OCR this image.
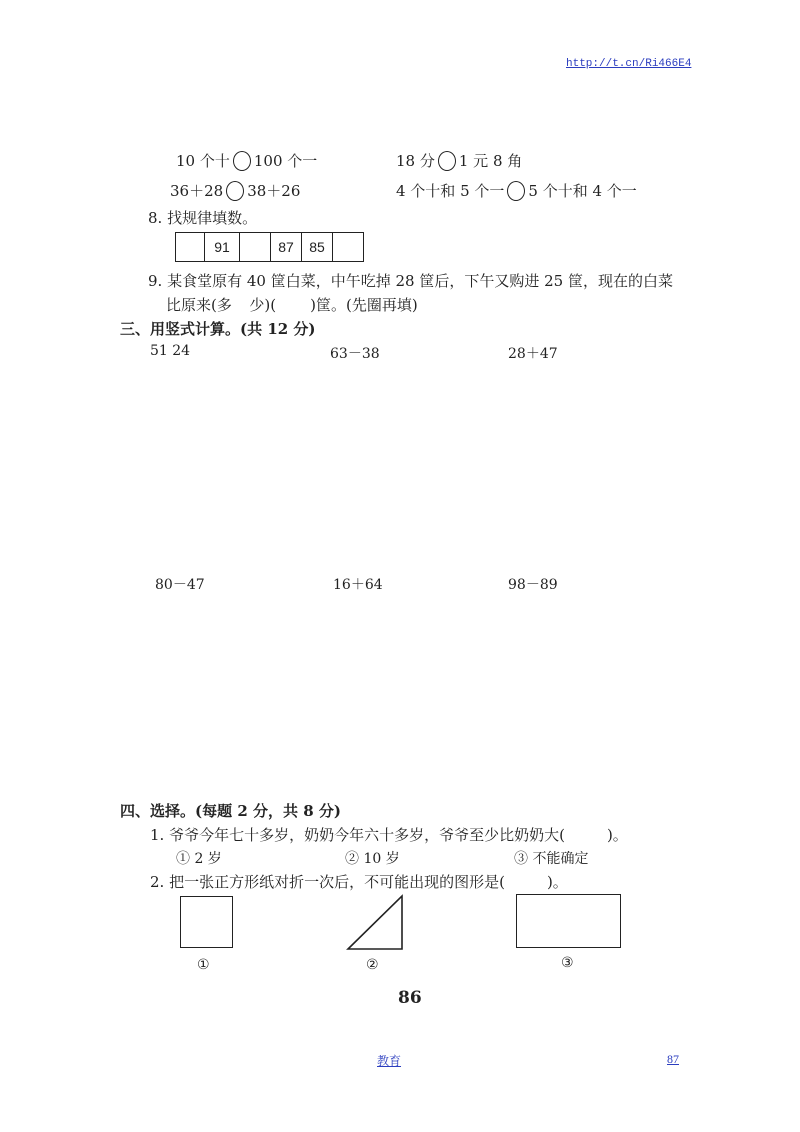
http://t.cn/Ri466E4
10 个十 100 个一	18 分 1 元 8 角
36＋28 38＋26	4 个十和 5 个一 5 个十和 4 个一
8. 找规律填数。
91	87	85
9. 某食堂原有 40 筐白菜，中午吃掉 28 筐后，下午又购进 25 筐，现在的白菜
比原来(多 少)( )筐。(先圈再填)
三、用竖式计算。(共 12 分)
51 24	63－38	28＋47
80－47	16＋64	98－89
四、选择。(每题 2 分，共 8 分)
1. 爷爷今年七十多岁，奶奶今年六十多岁，爷爷至少比奶奶大(	)。
① 2 岁	② 10 岁	③ 不能确定
2. 把一张正方形纸对折一次后，不可能出现的图形是(	)。
①	②	③
86
教育	87
